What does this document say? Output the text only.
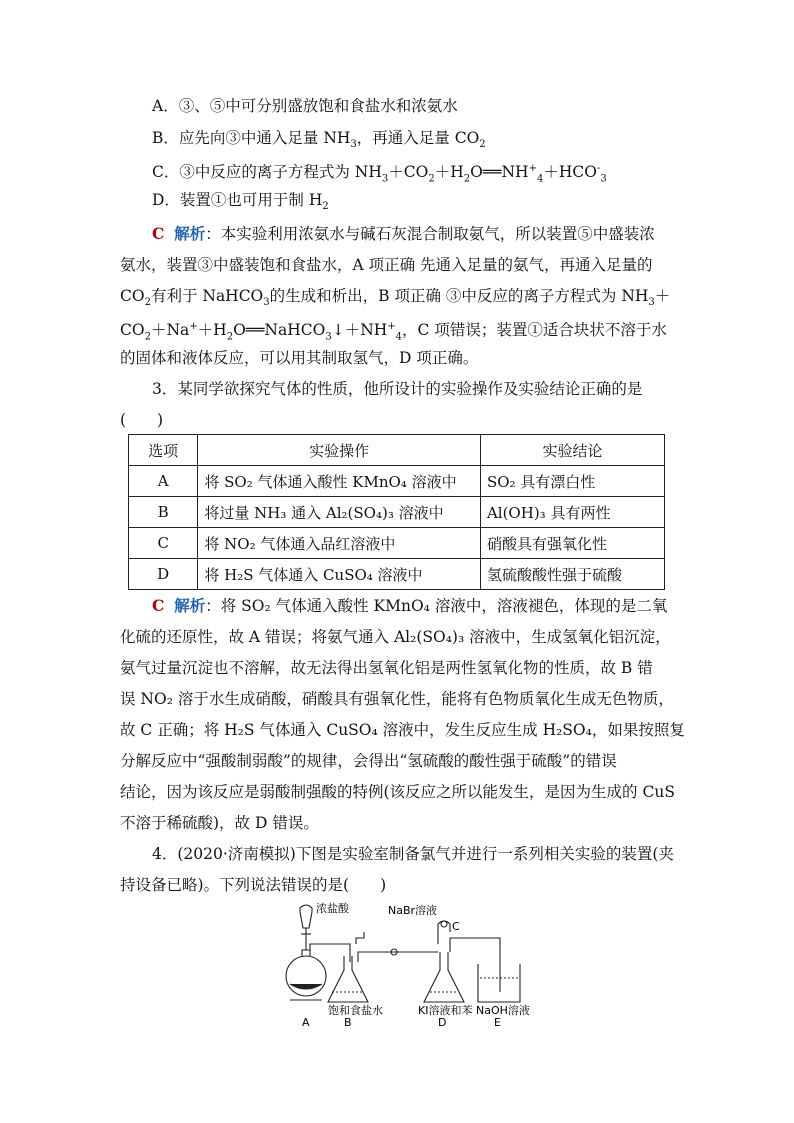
A．③、⑤中可分别盛放饱和食盐水和浓氨水
B．应先向③中通入足量 $NH_3$，再通入足量 $CO_2$
C．③中反应的离子方程式为 $NH_3+CO_2+H_2O══NH^+_4+HCO^-_3$
D．装置①也可用于制 $H_2$
C 解析：本实验利用浓氨水与碱石灰混合制取氨气，所以装置⑤中盛装浓
氨水，装置③中盛装饱和食盐水，A 项正确 先通入足量的氨气，再通入足量的
$CO_2$有利于 NaHCO$_3$的生成和析出，B 项正确 ③中反应的离子方程式为 $NH_3+$
$CO_2+Na^++H_2O══NaHCO_3↓+NH^+_4$，C 项错误；装置①适合块状不溶于水
的固体和液体反应，可以用其制取氢气，D 项正确。
3．某同学欲探究气体的性质，他所设计的实验操作及实验结论正确的是
(　　)
选项	实验操作	实验结论
A	将 SO₂ 气体通入酸性 KMnO₄ 溶液中	SO₂ 具有漂白性
B	将过量 NH₃ 通入 Al₂(SO₄)₃ 溶液中	Al(OH)₃ 具有两性
C	将 NO₂ 气体通入品红溶液中	硝酸具有强氧化性
D	将 H₂S 气体通入 CuSO₄ 溶液中	氢硫酸酸性强于硫酸
C 解析：将 SO₂ 气体通入酸性 KMnO₄ 溶液中，溶液褪色，体现的是二氧
化硫的还原性，故 A 错误；将氨气通入 Al₂(SO₄)₃ 溶液中，生成氢氧化铝沉淀，
氨气过量沉淀也不溶解，故无法得出氢氧化铝是两性氢氧化物的性质，故 B 错
误 NO₂ 溶于水生成硝酸，硝酸具有强氧化性，能将有色物质氧化生成无色物质，
故 C 正确；将 H₂S 气体通入 CuSO₄ 溶液中，发生反应生成 H₂SO₄，如果按照复
分解反应中“强酸制弱酸”的规律，会得出“氢硫酸的酸性强于硫酸”的错误
结论，因为该反应是弱酸制强酸的特例(该反应之所以能发生，是因为生成的 CuS
不溶于稀硫酸)，故 D 错误。
4．(2020·济南模拟)下图是实验室制备氯气并进行一系列相关实验的装置(夹
持设备已略)。下列说法错误的是(　　)
浓盐酸	NaBr溶液
C
饱和食盐水	KI溶液和苯 NaOH溶液
A	B	D	E
